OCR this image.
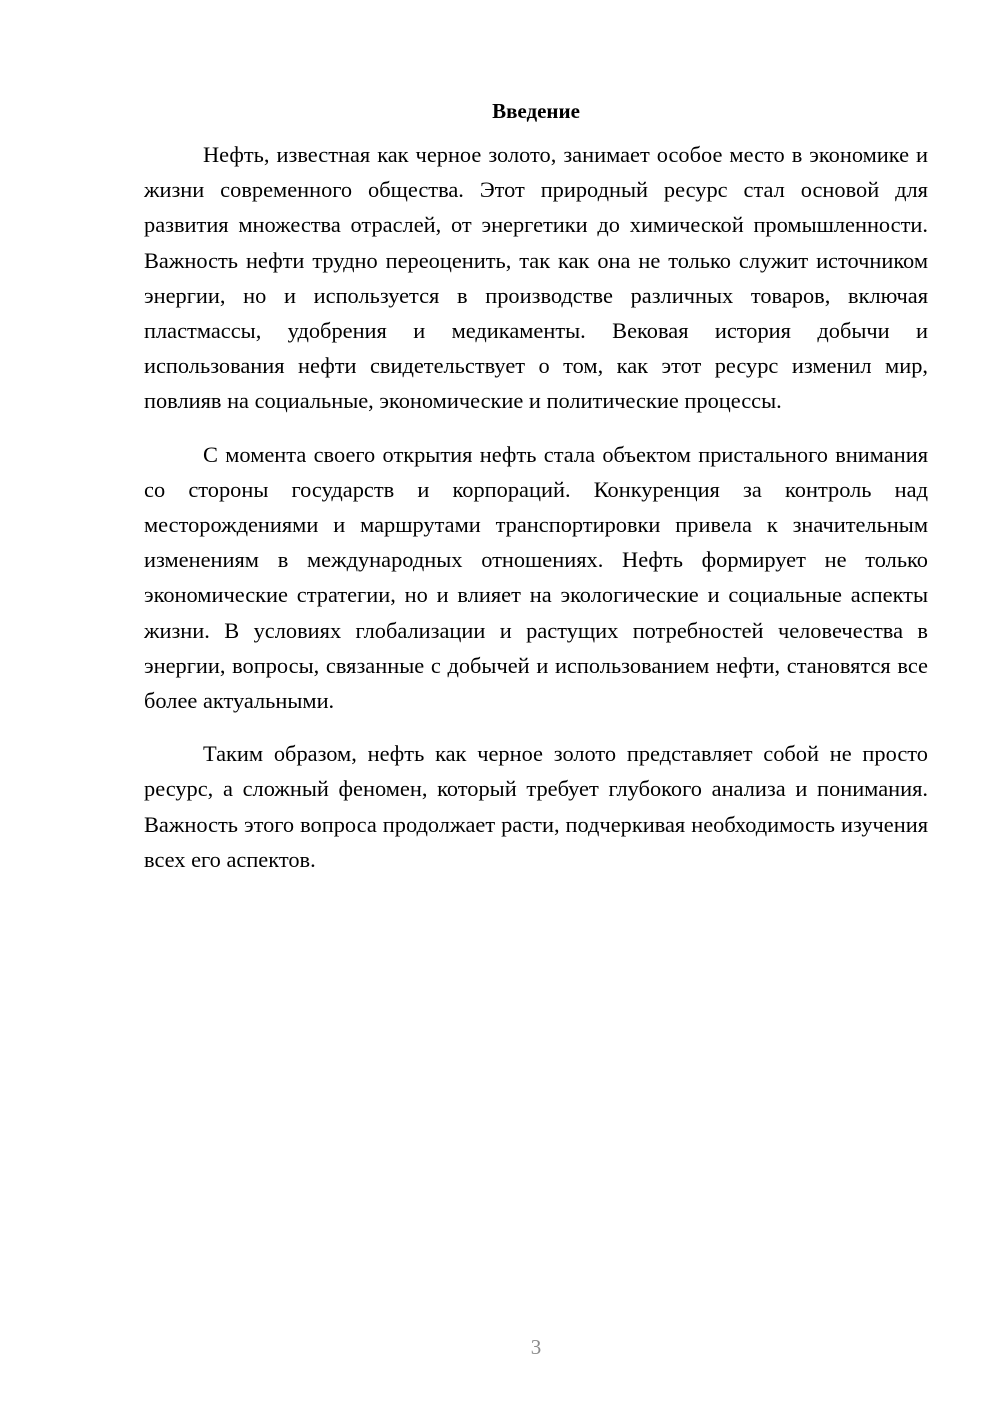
Введение

Нефть, известная как черное золото, занимает особое место в экономике и жизни современного общества. Этот природный ресурс стал основой для развития множества отраслей, от энергетики до химической промышленности. Важность нефти трудно переоценить, так как она не только служит источником энергии, но и используется в производстве различных товаров, включая пластмассы, удобрения и медикаменты. Вековая история добычи и использования нефти свидетельствует о том, как этот ресурс изменил мир, повлияв на социальные, экономические и политические процессы.

С момента своего открытия нефть стала объектом пристального внимания со стороны государств и корпораций. Конкуренция за контроль над месторождениями и маршрутами транспортировки привела к значительным изменениям в международных отношениях. Нефть формирует не только экономические стратегии, но и влияет на экологические и социальные аспекты жизни. В условиях глобализации и растущих потребностей человечества в энергии, вопросы, связанные с добычей и использованием нефти, становятся все более актуальными.

Таким образом, нефть как черное золото представляет собой не просто ресурс, а сложный феномен, который требует глубокого анализа и понимания. Важность этого вопроса продолжает расти, подчеркивая необходимость изучения всех его аспектов.

3
